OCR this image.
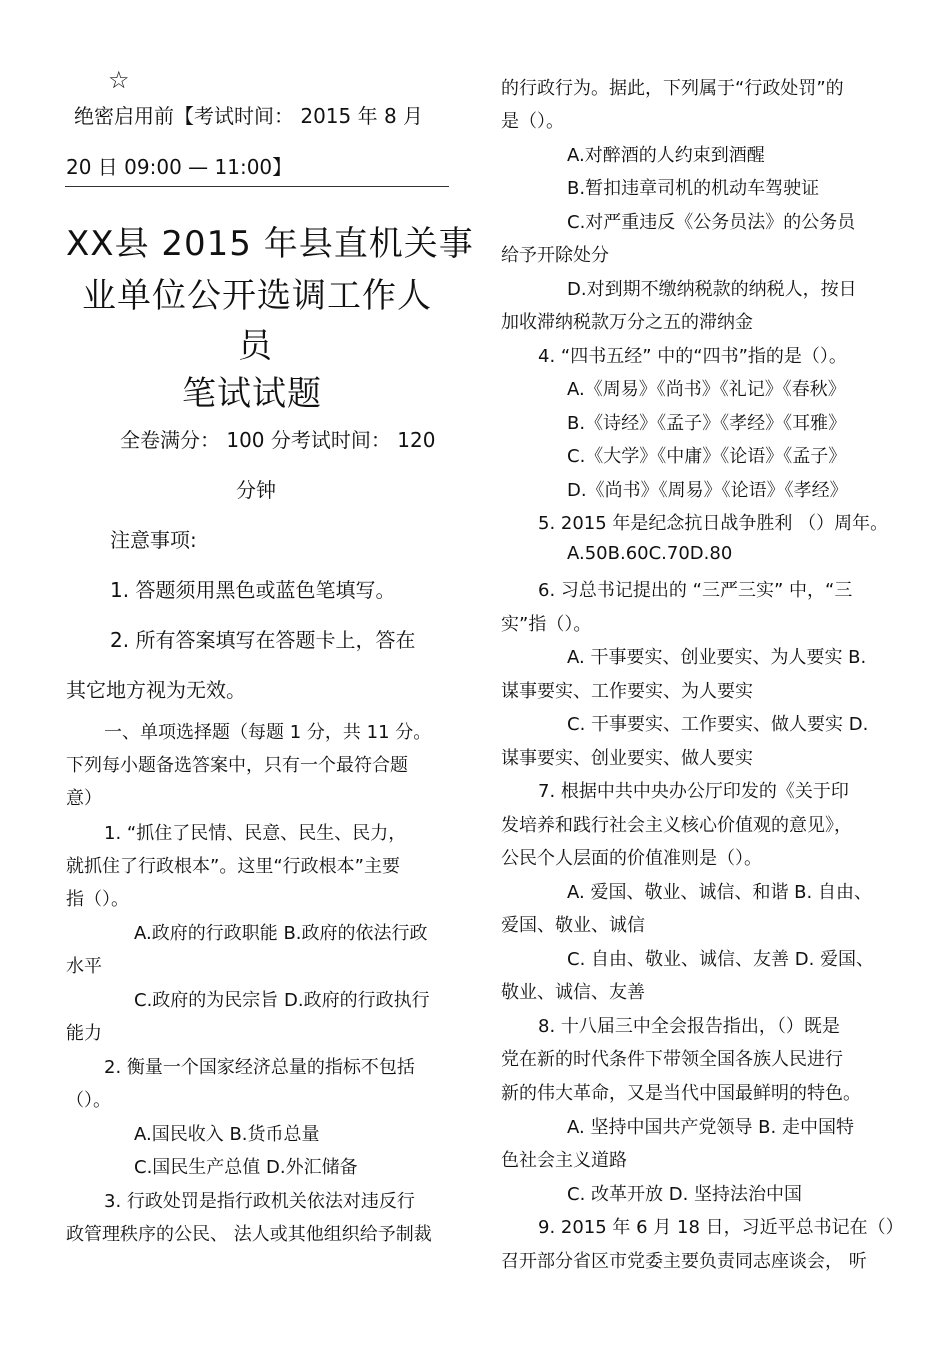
☆
绝密启用前【考试时间： 2015 年 8 月
20 日 09:00 — 11:00】
XX县 2015 年县直机关事
业单位公开选调工作人
员
笔试试题
全卷满分： 100 分考试时间： 120
分钟
注意事项:
1. 答题须用黑色或蓝色笔填写。
2. 所有答案填写在答题卡上，答在
其它地方视为无效。
一、单项选择题（每题 1 分，共 11 分。
下列每小题备选答案中，只有一个最符合题
意）
1. “抓住了民情、民意、民生、民力，
就抓住了行政根本”。这里“行政根本”主要
指（）。
A.政府的行政职能 B.政府的依法行政
水平
C.政府的为民宗旨 D.政府的行政执行
能力
2. 衡量一个国家经济总量的指标不包括
（）。
A.国民收入 B.货币总量
C.国民生产总值 D.外汇储备
3. 行政处罚是指行政机关依法对违反行
政管理秩序的公民、 法人或其他组织给予制裁
的行政行为。据此，下列属于“行政处罚”的
是（）。
A.对醉酒的人约束到酒醒
B.暂扣违章司机的机动车驾驶证
C.对严重违反《公务员法》的公务员
给予开除处分
D.对到期不缴纳税款的纳税人，按日
加收滞纳税款万分之五的滞纳金
4. “四书五经” 中的“四书”指的是（）。
A.《周易》《尚书》《礼记》《春秋》
B.《诗经》《孟子》《孝经》《耳雅》
C.《大学》《中庸》《论语》《孟子》
D.《尚书》《周易》《论语》《孝经》
5. 2015 年是纪念抗日战争胜利 （）周年。
A.50B.60C.70D.80
6. 习总书记提出的 “三严三实” 中，“三
实”指（）。
A. 干事要实、创业要实、为人要实 B.
谋事要实、工作要实、为人要实
C. 干事要实、工作要实、做人要实 D.
谋事要实、创业要实、做人要实
7. 根据中共中央办公厅印发的《关于印
发培养和践行社会主义核心价值观的意见》，
公民个人层面的价值准则是（）。
A. 爱国、敬业、诚信、和谐 B. 自由、
爱国、敬业、诚信
C. 自由、敬业、诚信、友善 D. 爱国、
敬业、诚信、友善
8. 十八届三中全会报告指出，（）既是
党在新的时代条件下带领全国各族人民进行
新的伟大革命，又是当代中国最鲜明的特色。
A. 坚持中国共产党领导 B. 走中国特
色社会主义道路
C. 改革开放 D. 坚持法治中国
9. 2015 年 6 月 18 日，习近平总书记在（）
召开部分省区市党委主要负责同志座谈会， 听
